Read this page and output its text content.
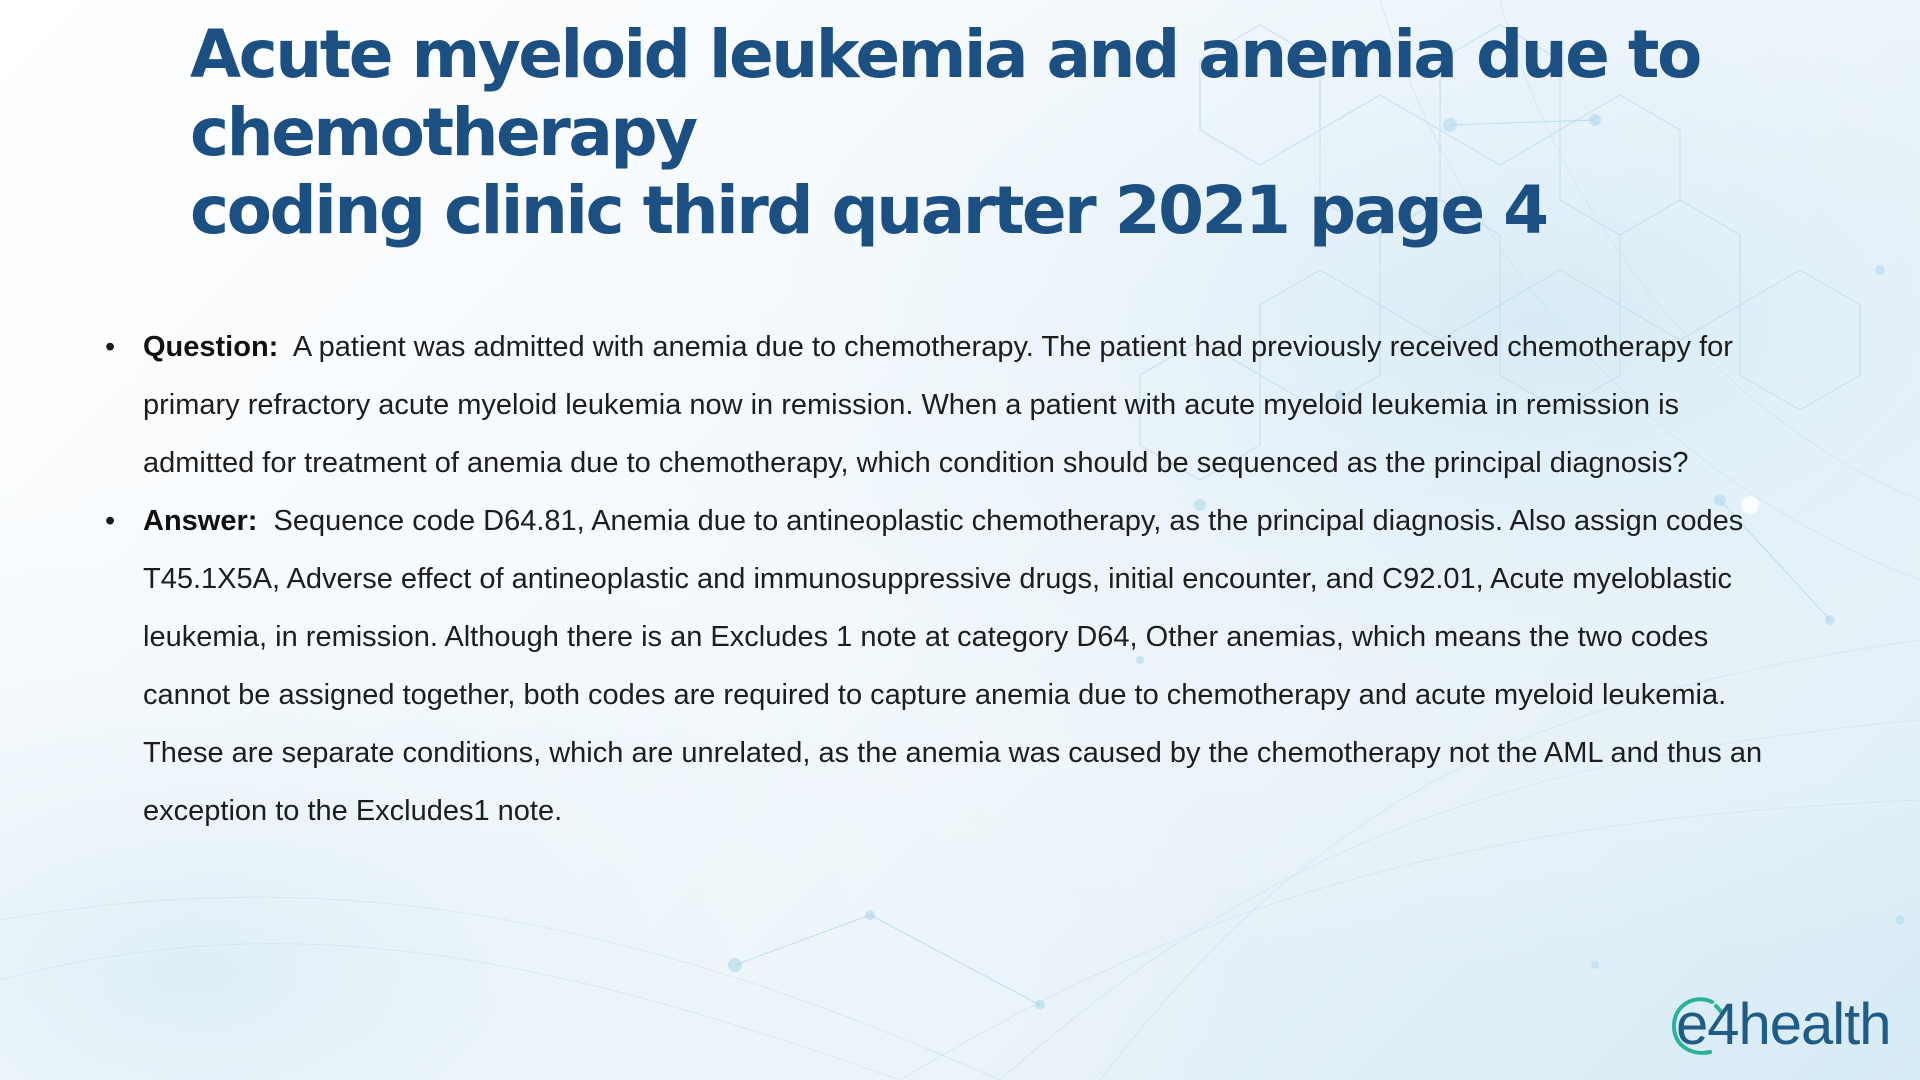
Acute myeloid leukemia and anemia due to
chemotherapy
coding clinic third quarter 2021 page 4
• Question: A patient was admitted with anemia due to chemotherapy. The patient had previously received chemotherapy for primary refractory acute myeloid leukemia now in remission. When a patient with acute myeloid leukemia in remission is admitted for treatment of anemia due to chemotherapy, which condition should be sequenced as the principal diagnosis?
• Answer: Sequence code D64.81, Anemia due to antineoplastic chemotherapy, as the principal diagnosis. Also assign codes T45.1X5A, Adverse effect of antineoplastic and immunosuppressive drugs, initial encounter, and C92.01, Acute myeloblastic leukemia, in remission. Although there is an Excludes 1 note at category D64, Other anemias, which means the two codes cannot be assigned together, both codes are required to capture anemia due to chemotherapy and acute myeloid leukemia. These are separate conditions, which are unrelated, as the anemia was caused by the chemotherapy not the AML and thus an exception to the Excludes1 note.
e4health
